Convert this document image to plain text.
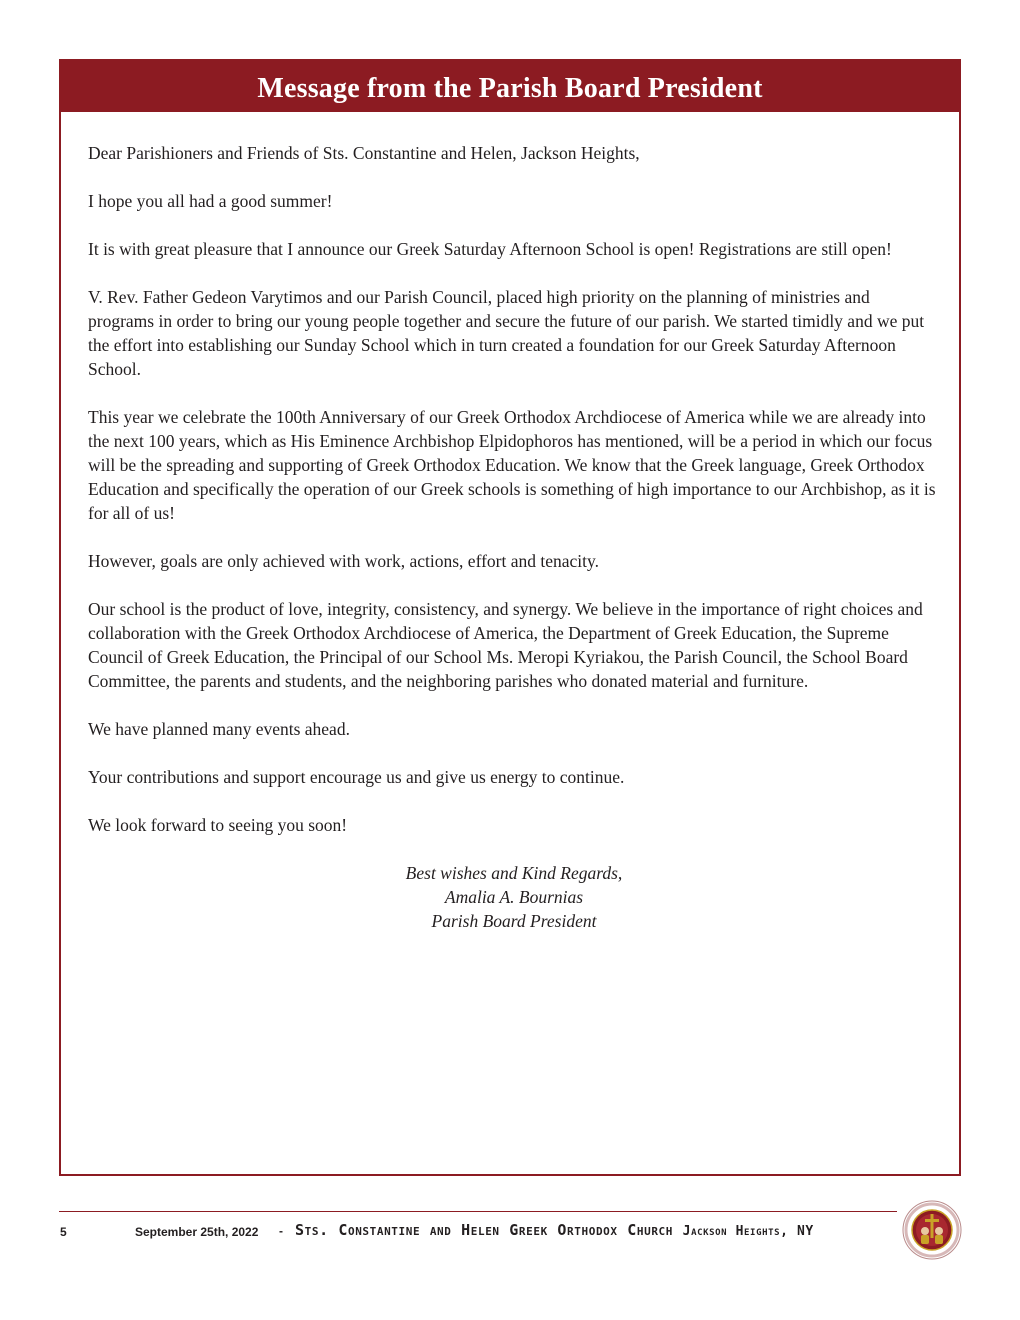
Message from the Parish Board President

Dear Parishioners and Friends of Sts. Constantine and Helen, Jackson Heights,

I hope you all had a good summer!

It is with great pleasure that I announce our Greek Saturday Afternoon School is open! Registrations are still open!

V. Rev. Father Gedeon Varytimos and our Parish Council, placed high priority on the planning of ministries and programs in order to bring our young people together and secure the future of our parish. We started timidly and we put the effort into establishing our Sunday School which in turn created a foundation for our Greek Saturday Afternoon School.

This year we celebrate the 100th Anniversary of our Greek Orthodox Archdiocese of America while we are already into the next 100 years, which as His Eminence Archbishop Elpidophoros has mentioned, will be a period in which our focus will be the spreading and supporting of Greek Orthodox Education. We know that the Greek language, Greek Orthodox Education and specifically the operation of our Greek schools is something of high importance to our Archbishop, as it is for all of us!

However, goals are only achieved with work, actions, effort and tenacity.

Our school is the product of love, integrity, consistency, and synergy. We believe in the importance of right choices and collaboration with the Greek Orthodox Archdiocese of America, the Department of Greek Education, the Supreme Council of Greek Education, the Principal of our School Ms. Meropi Kyriakou, the Parish Council, the School Board Committee, the parents and students, and the neighboring parishes who donated material and furniture.

We have planned many events ahead.

Your contributions and support encourage us and give us energy to continue.

We look forward to seeing you soon!

Best wishes and Kind Regards,
Amalia A. Bournias
Parish Board President
5	September 25th, 2022 - Sts. Constantine and Helen Greek Orthodox Church Jackson Heights, NY
